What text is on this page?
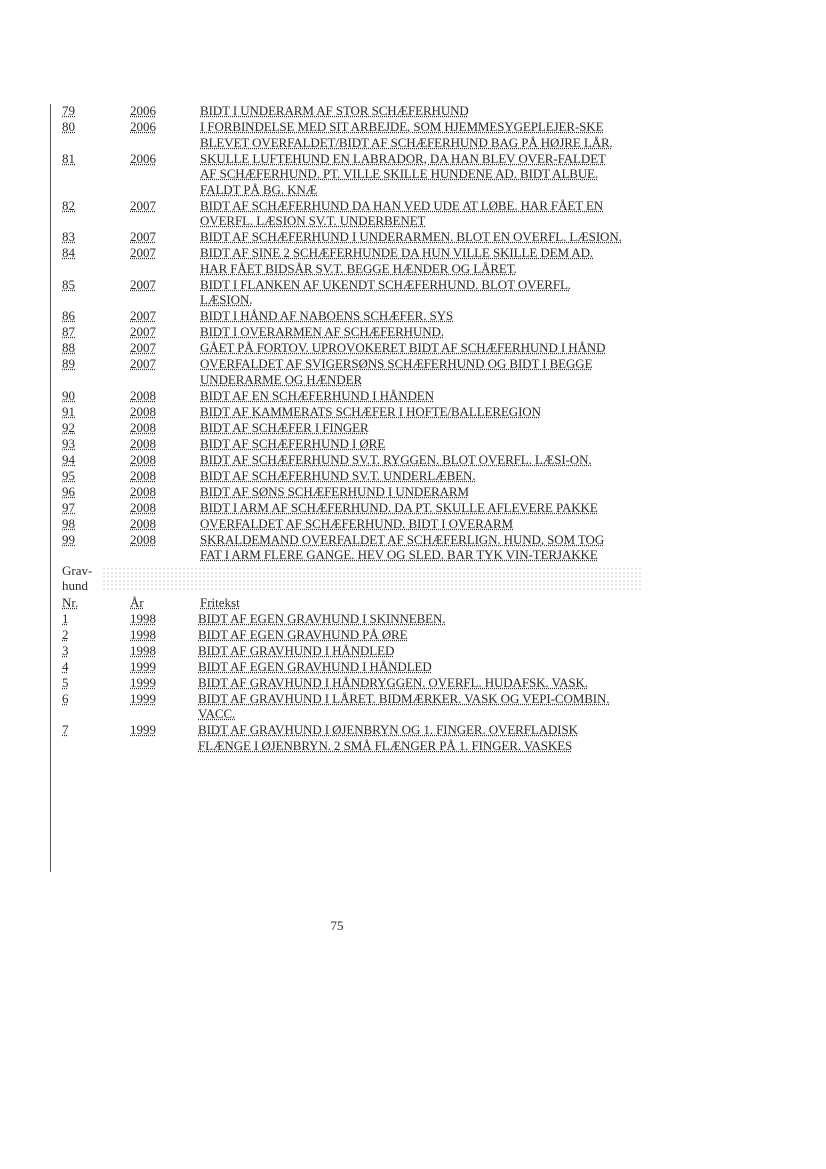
79	2006	BIDT I UNDERARM AF STOR SCHÆFERHUND
80	2006	I FORBINDELSE MED SIT ARBEJDE, SOM HJEMMESYGEPLEJER-SKE BLEVET OVERFALDET/BIDT AF SCHÆFERHUND BAG PÅ HØJRE LÅR.
81	2006	SKULLE LUFTEHUND EN LABRADOR, DA HAN BLEV OVER-FALDET AF SCHÆFERHUND. PT. VILLE SKILLE HUNDENE AD. BIDT ALBUE. FALDT PÅ BG. KNÆ
82	2007	BIDT AF SCHÆFERHUND DA HAN VED UDE AT LØBE. HAR FÅET EN OVERFL. LÆSION SV.T. UNDERBENET
83	2007	BIDT AF SCHÆFERHUND I UNDERARMEN. BLOT EN OVERFL. LÆSION.
84	2007	BIDT AF SINE 2 SCHÆFERHUNDE DA HUN VILLE SKILLE DEM AD. HAR FÅET BIDSÅR SV.T. BEGGE HÆNDER OG LÅRET.
85	2007	BIDT I FLANKEN AF UKENDT SCHÆFERHUND. BLOT OVERFL. LÆSION.
86	2007	BIDT I HÅND AF NABOENS SCHÆFER. SYS
87	2007	BIDT I OVERARMEN AF SCHÆFERHUND.
88	2007	GÅET PÅ FORTOV. UPROVOKERET BIDT AF SCHÆFERHUND I HÅND
89	2007	OVERFALDET AF SVIGERSØNS SCHÆFERHUND OG BIDT I BEGGE UNDERARME OG HÆNDER
90	2008	BIDT AF EN SCHÆFERHUND I HÅNDEN
91	2008	BIDT AF KAMMERATS SCHÆFER I HOFTE/BALLEREGION
92	2008	BIDT AF SCHÆFER I FINGER
93	2008	BIDT AF SCHÆFERHUND I ØRE
94	2008	BIDT AF SCHÆFERHUND SV.T. RYGGEN. BLOT OVERFL. LÆSI-ON.
95	2008	BIDT AF SCHÆFERHUND SV.T. UNDERLÆBEN.
96	2008	BIDT AF SØNS SCHÆFERHUND I UNDERARM
97	2008	BIDT I ARM AF SCHÆFERHUND. DA PT. SKULLE AFLEVERE PAKKE
98	2008	OVERFALDET AF SCHÆFERHUND. BIDT I OVERARM
99	2008	SKRALDEMAND OVERFALDET AF SCHÆFERLIGN. HUND, SOM TOG FAT I ARM FLERE GANGE. HEV OG SLED. BAR TYK VIN-TERJAKKE
Grav-hund
Nr.	År	Fritekst
1	1998	BIDT AF EGEN GRAVHUND I SKINNEBEN.
2	1998	BIDT AF EGEN GRAVHUND PÅ ØRE
3	1998	BIDT AF GRAVHUND I HÅNDLED
4	1999	BIDT AF EGEN GRAVHUND I HÅNDLED
5	1999	BIDT AF GRAVHUND I HÅNDRYGGEN. OVERFL. HUDAFSK. VASK.
6	1999	BIDT AF GRAVHUND I LÅRET. BIDMÆRKER. VASK OG VEPI-COMBIN. VACC.
7	1999	BIDT AF GRAVHUND I ØJENBRYN OG 1. FINGER. OVERFLADISK FLÆNGE I ØJENBRYN. 2 SMÅ FLÆNGER PÅ 1. FINGER. VASKES
75
